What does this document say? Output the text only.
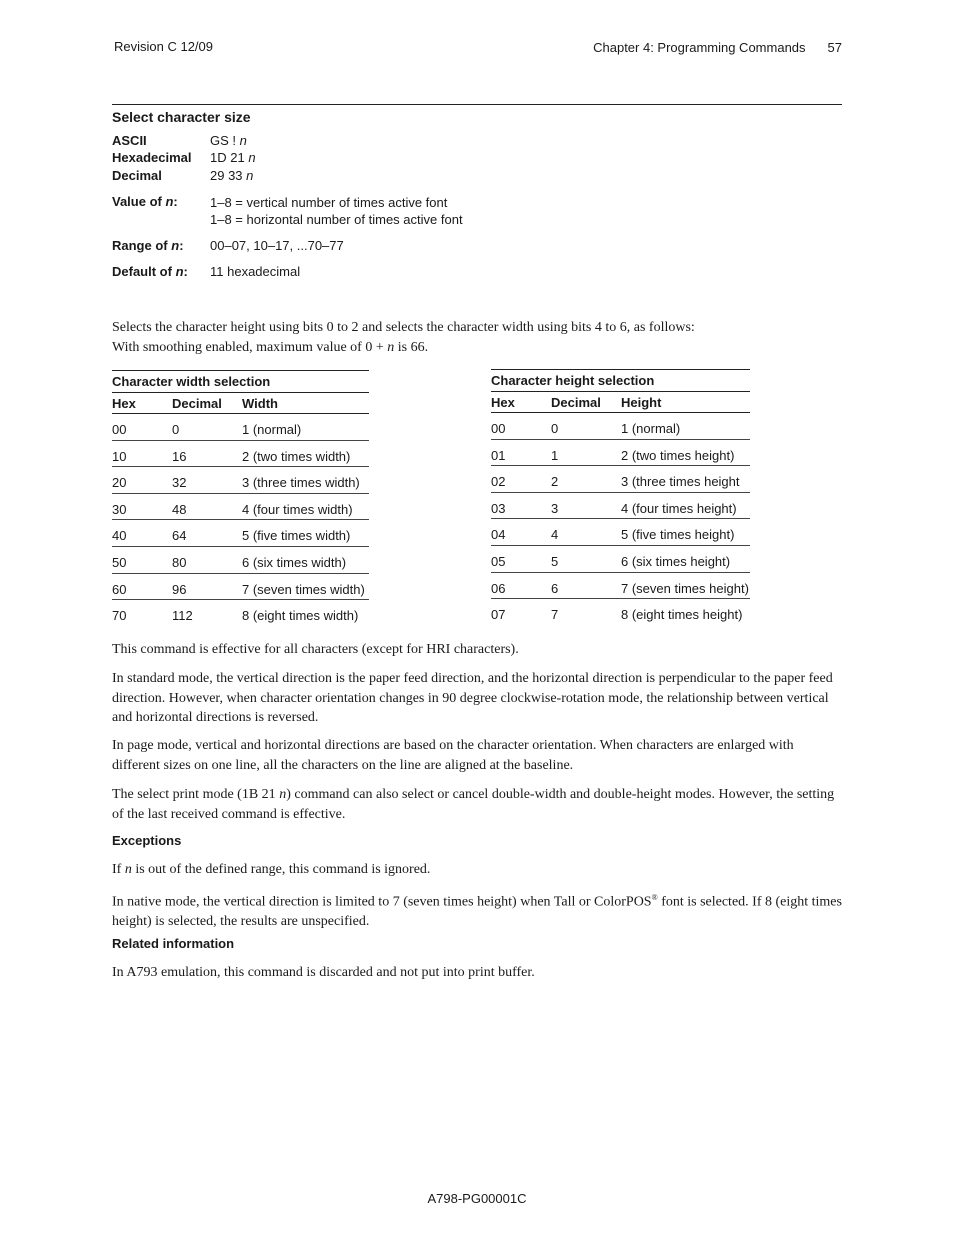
Revision C 12/09	Chapter 4: Programming Commands 57
Select character size
ASCII	GS ! n
Hexadecimal 1D 21 n
Decimal	29 33 n
Value of n: 1–8 = vertical number of times active font
1–8 = horizontal number of times active font
Range of n: 00–07, 10–17, ...70–77
Default of n: 11 hexadecimal
Selects the character height using bits 0 to 2 and selects the character width using bits 4 to 6, as follows:
With smoothing enabled, maximum value of 0 + n is 66.
Character width selection
Hex	Decimal Width
00	0	1 (normal)
10	16	2 (two times width)
20	32	3 (three times width)
30	48	4 (four times width)
40	64	5 (five times width)
50	80	6 (six times width)
60	96	7 (seven times width)
70	112	8 (eight times width)
Character height selection
Hex	Decimal Height
00	0	1 (normal)
01	1	2 (two times height)
02	2	3 (three times height
03	3	4 (four times height)
04	4	5 (five times height)
05	5	6 (six times height)
06	6	7 (seven times height)
07	7	8 (eight times height)
This command is effective for all characters (except for HRI characters).
In standard mode, the vertical direction is the paper feed direction, and the horizontal direction is perpendicular to the paper feed direction. However, when character orientation changes in 90 degree clockwise-rotation mode, the relationship between vertical and horizontal directions is reversed.
In page mode, vertical and horizontal directions are based on the character orientation. When characters are enlarged with different sizes on one line, all the characters on the line are aligned at the baseline.
The select print mode (1B 21 n) command can also select or cancel double-width and double-height modes. However, the setting of the last received command is effective.
Exceptions
If n is out of the defined range, this command is ignored.
In native mode, the vertical direction is limited to 7 (seven times height) when Tall or ColorPOS® font is selected. If 8 (eight times height) is selected, the results are unspecified.
Related information
In A793 emulation, this command is discarded and not put into print buffer.
A798-PG00001C
